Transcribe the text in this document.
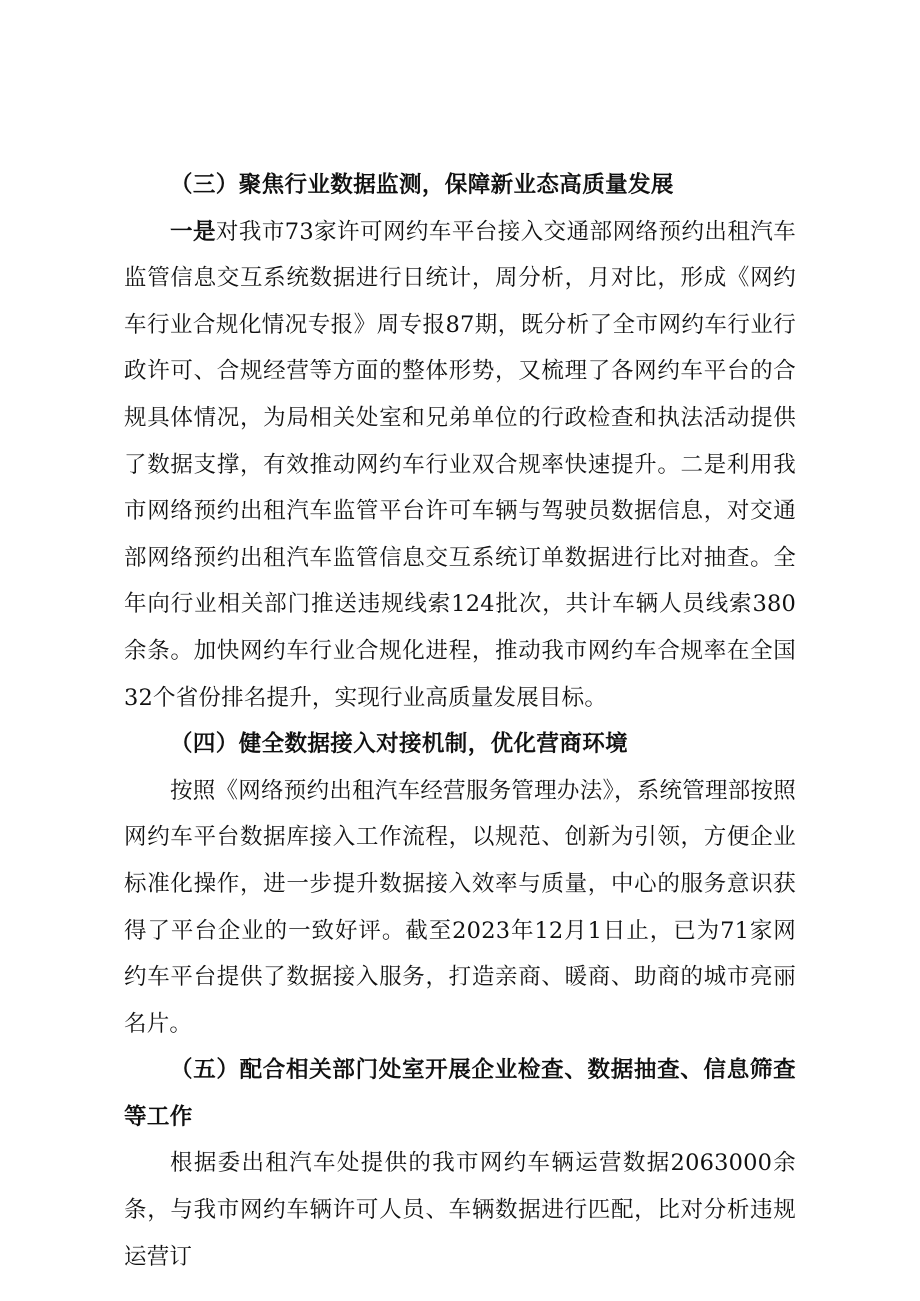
（三）聚焦行业数据监测，保障新业态高质量发展

一是对我市73家许可网约车平台接入交通部网络预约出租汽车监管信息交互系统数据进行日统计，周分析，月对比，形成《网约车行业合规化情况专报》周专报87期，既分析了全市网约车行业行政许可、合规经营等方面的整体形势，又梳理了各网约车平台的合规具体情况，为局相关处室和兄弟单位的行政检查和执法活动提供了数据支撑，有效推动网约车行业双合规率快速提升。二是利用我市网络预约出租汽车监管平台许可车辆与驾驶员数据信息，对交通部网络预约出租汽车监管信息交互系统订单数据进行比对抽查。全年向行业相关部门推送违规线索124批次，共计车辆人员线索380余条。加快网约车行业合规化进程，推动我市网约车合规率在全国32个省份排名提升，实现行业高质量发展目标。

（四）健全数据接入对接机制，优化营商环境

按照《网络预约出租汽车经营服务管理办法》，系统管理部按照网约车平台数据库接入工作流程，以规范、创新为引领，方便企业标准化操作，进一步提升数据接入效率与质量，中心的服务意识获得了平台企业的一致好评。截至2023年12月1日止，已为71家网约车平台提供了数据接入服务，打造亲商、暖商、助商的城市亮丽名片。

（五）配合相关部门处室开展企业检查、数据抽查、信息筛查等工作

根据委出租汽车处提供的我市网约车辆运营数据2063000余条，与我市网约车辆许可人员、车辆数据进行匹配，比对分析违规运营订
